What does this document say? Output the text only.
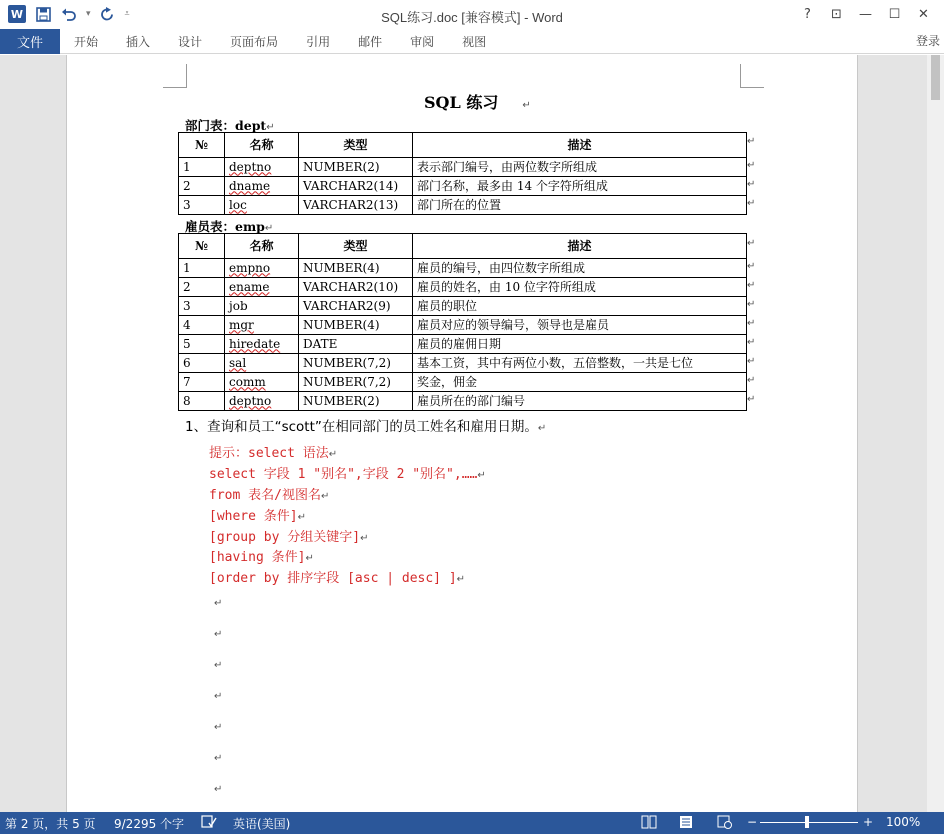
W	▾	⩡	SQL练习.doc [兼容模式] - Word	?	⊡	—	☐	✕
文件	开始	插入	设计	页面布局	引用	邮件	审阅	视图	登录
SQL 练习 ↵
部门表：dept↵
№	名称	类型	描述
1	deptno	NUMBER(2)	表示部门编号，由两位数字所组成
2	dname	VARCHAR2(14)	部门名称，最多由 14 个字符所组成
3	loc	VARCHAR2(13)	部门所在的位置
雇员表：emp↵
№	名称	类型	描述
1	empno	NUMBER(4)	雇员的编号，由四位数字所组成
2	ename	VARCHAR2(10)	雇员的姓名，由 10 位字符所组成
3	job	VARCHAR2(9)	雇员的职位
4	mgr	NUMBER(4)	雇员对应的领导编号，领导也是雇员
5	hiredate	DATE	雇员的雇佣日期
6	sal	NUMBER(7,2)	基本工资，其中有两位小数，五倍整数，一共是七位
7	comm	NUMBER(7,2)	奖金，佣金
8	deptno	NUMBER(2)	雇员所在的部门编号
↵
↵
↵
↵
↵
↵
↵
↵
↵
↵
↵
↵
↵
1、查询和员工“scott”在相同部门的员工姓名和雇用日期。↵
提示：select 语法↵
select 字段 1 "别名",字段 2 "别名",……↵
from 表名/视图名↵
[where 条件]↵
[group by 分组关键字]↵
[having 条件]↵
[order by 排序字段 [asc | desc] ]↵
↵
↵
↵
↵
↵
↵
↵
第 2 页，共 5 页 9/2295 个字	英语(美国)	−	+ 100%
